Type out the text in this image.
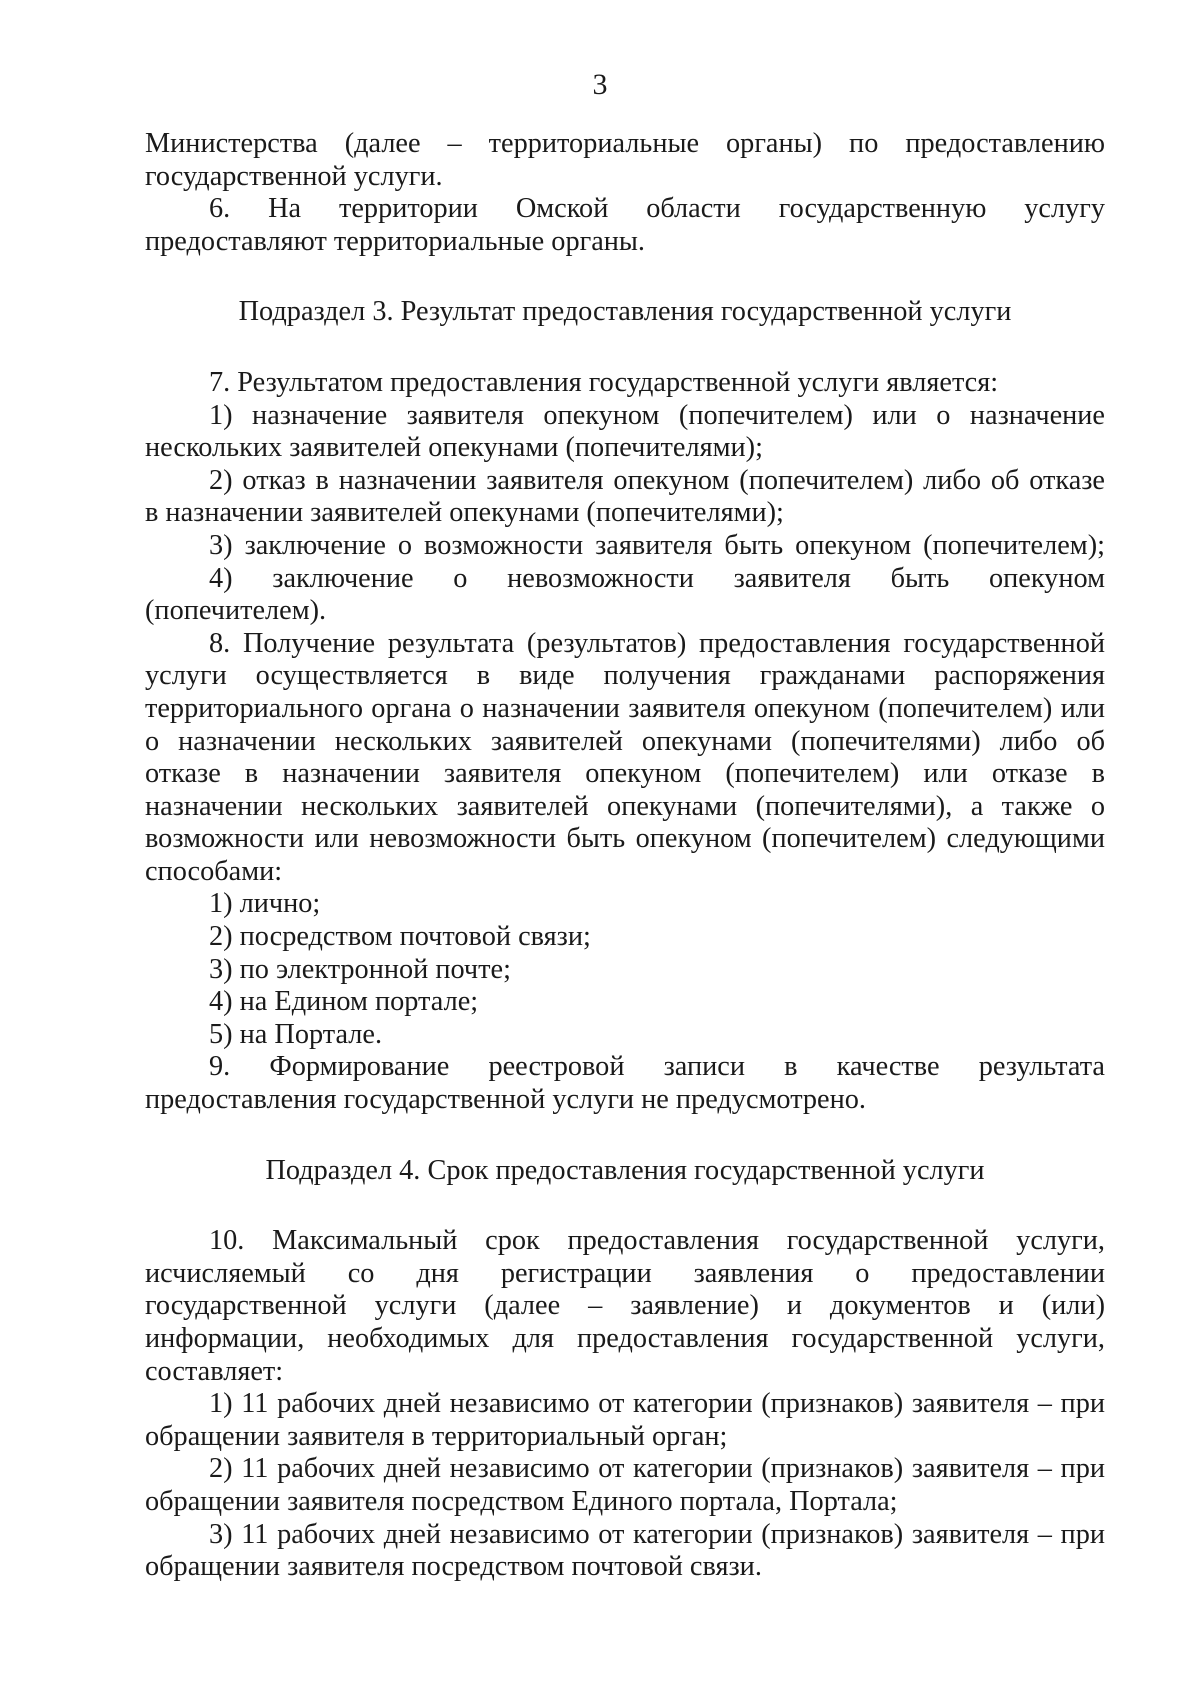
3

Министерства (далее – территориальные органы) по предоставлению

государственной услуги.

6. На территории Омской области государственную услугу

предоставляют территориальные органы.

Подраздел 3. Результат предоставления государственной услуги

7. Результатом предоставления государственной услуги является:

1) назначение заявителя опекуном (попечителем) или о назначение

нескольких заявителей опекунами (попечителями);

2) отказ в назначении заявителя опекуном (попечителем) либо об отказе

в назначении заявителей опекунами (попечителями);

3) заключение о возможности заявителя быть опекуном (попечителем);

4) заключение о невозможности заявителя быть опекуном

(попечителем).

8. Получение результата (результатов) предоставления государственной

услуги осуществляется в виде получения гражданами распоряжения

территориального органа о назначении заявителя опекуном (попечителем) или

о назначении нескольких заявителей опекунами (попечителями) либо об

отказе в назначении заявителя опекуном (попечителем) или отказе в

назначении нескольких заявителей опекунами (попечителями), а также о

возможности или невозможности быть опекуном (попечителем) следующими

способами:

1) лично;

2) посредством почтовой связи;

3) по электронной почте;

4) на Едином портале;

5) на Портале.

9. Формирование реестровой записи в качестве результата

предоставления государственной услуги не предусмотрено.

Подраздел 4. Срок предоставления государственной услуги

10. Максимальный срок предоставления государственной услуги,

исчисляемый со дня регистрации заявления о предоставлении

государственной услуги (далее – заявление) и документов и (или)

информации, необходимых для предоставления государственной услуги,

составляет:

1) 11 рабочих дней независимо от категории (признаков) заявителя – при

обращении заявителя в территориальный орган;

2) 11 рабочих дней независимо от категории (признаков) заявителя – при

обращении заявителя посредством Единого портала, Портала;

3) 11 рабочих дней независимо от категории (признаков) заявителя – при

обращении заявителя посредством почтовой связи.
